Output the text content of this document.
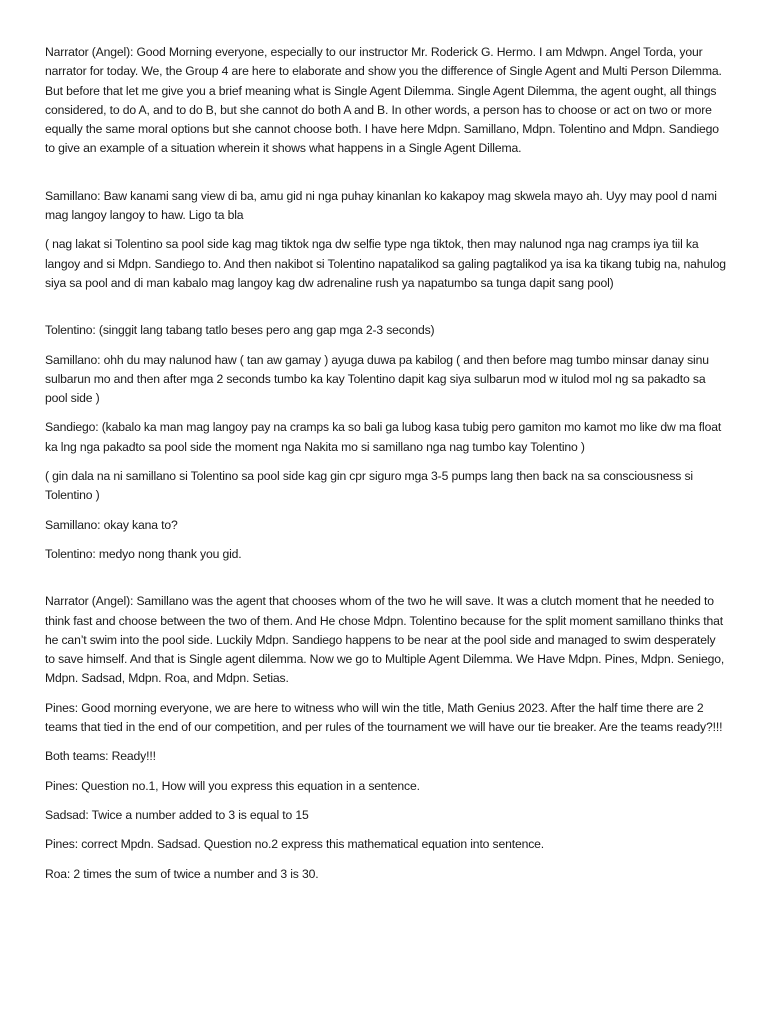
Narrator (Angel): Good Morning everyone, especially to our instructor Mr. Roderick G. Hermo. I am Mdwpn. Angel Torda, your narrator for today. We, the Group 4 are here to elaborate and show you the difference of Single Agent and Multi Person Dilemma. But before that let me give you a brief meaning what is Single Agent Dilemma. Single Agent Dilemma, the agent ought, all things considered, to do A, and to do B, but she cannot do both A and B. In other words, a person has to choose or act on two or more equally the same moral options but she cannot choose both. I have here Mdpn. Samillano, Mdpn. Tolentino and Mdpn. Sandiego to give an example of a situation wherein it shows what happens in a Single Agent Dillema.

Samillano: Baw kanami sang view di ba, amu gid ni nga puhay kinanlan ko kakapoy mag skwela mayo ah. Uyy may pool d nami mag langoy langoy to haw. Ligo ta bla

( nag lakat si Tolentino sa pool side kag mag tiktok nga dw selfie type nga tiktok, then may nalunod nga nag cramps iya tiil ka langoy and si Mdpn. Sandiego to. And then nakibot si Tolentino napatalikod sa galing pagtalikod ya isa ka tikang tubig na, nahulog siya sa pool and di man kabalo mag langoy kag dw adrenaline rush ya napatumbo sa tunga dapit sang pool)

Tolentino: (singgit lang tabang tatlo beses pero ang gap mga 2-3 seconds)

Samillano: ohh du may nalunod haw ( tan aw gamay ) ayuga duwa pa kabilog ( and then before mag tumbo minsar danay sinu sulbarun mo and then after mga 2 seconds tumbo ka kay Tolentino dapit kag siya sulbarun mod w itulod mol ng sa pakadto sa pool side )

Sandiego: (kabalo ka man mag langoy pay na cramps ka so bali ga lubog kasa tubig pero gamiton mo kamot mo like dw ma float ka lng nga pakadto sa pool side the moment nga Nakita mo si samillano nga nag tumbo kay Tolentino )

( gin dala na ni samillano si Tolentino sa pool side kag gin cpr siguro mga 3-5 pumps lang then back na sa consciousness si Tolentino )

Samillano: okay kana to?

Tolentino: medyo nong thank you gid.

Narrator (Angel): Samillano was the agent that chooses whom of the two he will save. It was a clutch moment that he needed to think fast and choose between the two of them. And He chose Mdpn. Tolentino because for the split moment samillano thinks that he can’t swim into the pool side. Luckily Mdpn. Sandiego happens to be near at the pool side and managed to swim desperately to save himself. And that is Single agent dilemma. Now we go to Multiple Agent Dilemma. We Have Mdpn. Pines, Mdpn. Seniego, Mdpn. Sadsad, Mdpn. Roa, and Mdpn. Setias.

Pines: Good morning everyone, we are here to witness who will win the title, Math Genius 2023. After the half time there are 2 teams that tied in the end of our competition, and per rules of the tournament we will have our tie breaker. Are the teams ready?!!!

Both teams: Ready!!!

Pines: Question no.1, How will you express this equation in a sentence.

Sadsad: Twice a number added to 3 is equal to 15

Pines: correct Mpdn. Sadsad. Question no.2 express this mathematical equation into sentence.

Roa: 2 times the sum of twice a number and 3 is 30.
